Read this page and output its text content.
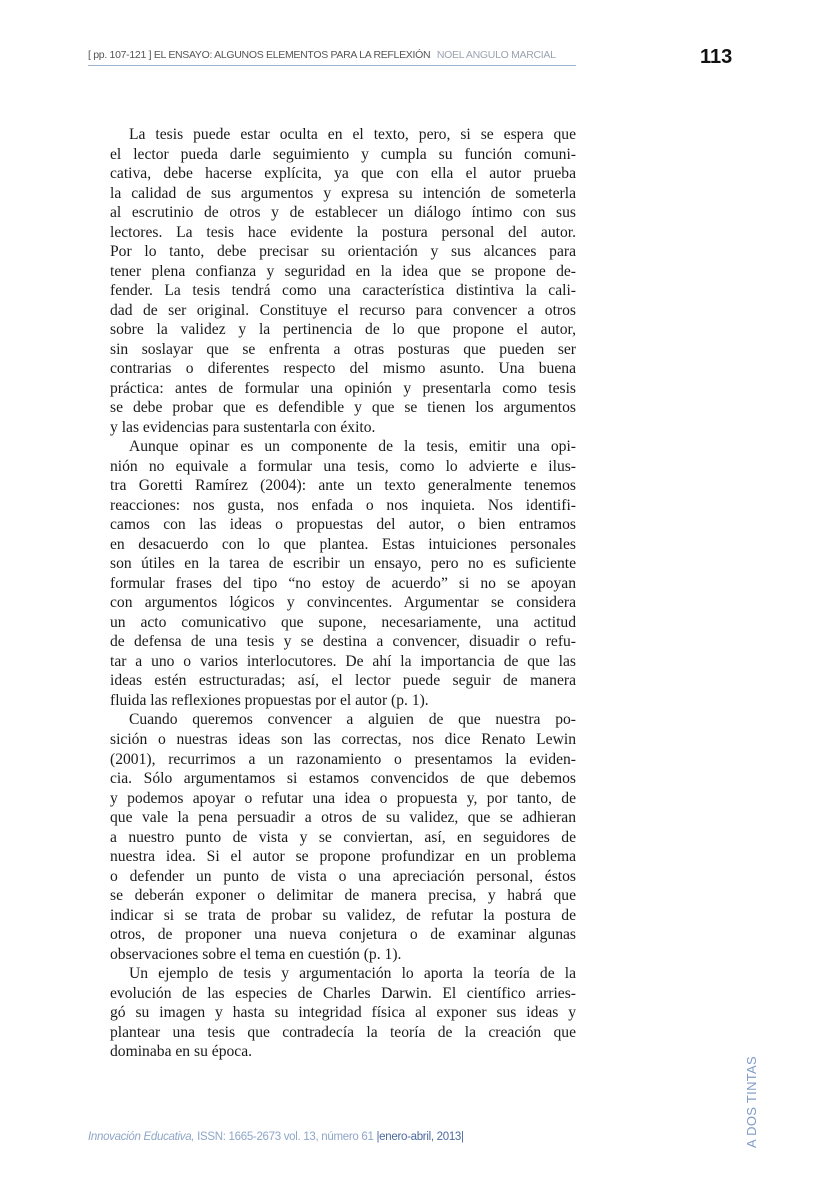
[ pp. 107-121 ] EL ENSAYO: ALGUNOS ELEMENTOS PARA LA REFLEXIÓN NOEL ANGULO MARCIAL	113
La tesis puede estar oculta en el texto, pero, si se espera que
el lector pueda darle seguimiento y cumpla su función comuni-
cativa, debe hacerse explícita, ya que con ella el autor prueba
la calidad de sus argumentos y expresa su intención de someterla
al escrutinio de otros y de establecer un diálogo íntimo con sus
lectores. La tesis hace evidente la postura personal del autor.
Por lo tanto, debe precisar su orientación y sus alcances para
tener plena confianza y seguridad en la idea que se propone de-
fender. La tesis tendrá como una característica distintiva la cali-
dad de ser original. Constituye el recurso para convencer a otros
sobre la validez y la pertinencia de lo que propone el autor,
sin soslayar que se enfrenta a otras posturas que pueden ser
contrarias o diferentes respecto del mismo asunto. Una buena
práctica: antes de formular una opinión y presentarla como tesis
se debe probar que es defendible y que se tienen los argumentos
y las evidencias para sustentarla con éxito.
Aunque opinar es un componente de la tesis, emitir una opi-
nión no equivale a formular una tesis, como lo advierte e ilus-
tra Goretti Ramírez (2004): ante un texto generalmente tenemos
reacciones: nos gusta, nos enfada o nos inquieta. Nos identifi-
camos con las ideas o propuestas del autor, o bien entramos
en desacuerdo con lo que plantea. Estas intuiciones personales
son útiles en la tarea de escribir un ensayo, pero no es suficiente
formular frases del tipo “no estoy de acuerdo” si no se apoyan
con argumentos lógicos y convincentes. Argumentar se considera
un acto comunicativo que supone, necesariamente, una actitud
de defensa de una tesis y se destina a convencer, disuadir o refu-
tar a uno o varios interlocutores. De ahí la importancia de que las
ideas estén estructuradas; así, el lector puede seguir de manera
fluida las reflexiones propuestas por el autor (p. 1).
Cuando queremos convencer a alguien de que nuestra po-
sición o nuestras ideas son las correctas, nos dice Renato Lewin
(2001), recurrimos a un razonamiento o presentamos la eviden-
cia. Sólo argumentamos si estamos convencidos de que debemos
y podemos apoyar o refutar una idea o propuesta y, por tanto, de
que vale la pena persuadir a otros de su validez, que se adhieran
a nuestro punto de vista y se conviertan, así, en seguidores de
nuestra idea. Si el autor se propone profundizar en un problema
o defender un punto de vista o una apreciación personal, éstos
se deberán exponer o delimitar de manera precisa, y habrá que
indicar si se trata de probar su validez, de refutar la postura de
otros, de proponer una nueva conjetura o de examinar algunas
observaciones sobre el tema en cuestión (p. 1).
Un ejemplo de tesis y argumentación lo aporta la teoría de la
evolución de las especies de Charles Darwin. El científico arries-
gó su imagen y hasta su integridad física al exponer sus ideas y
plantear una tesis que contradecía la teoría de la creación que
dominaba en su época.
Innovación Educativa, ISSN: 1665-2673 vol. 13, número 61 |enero-abril, 2013|	A DOS TINTAS
